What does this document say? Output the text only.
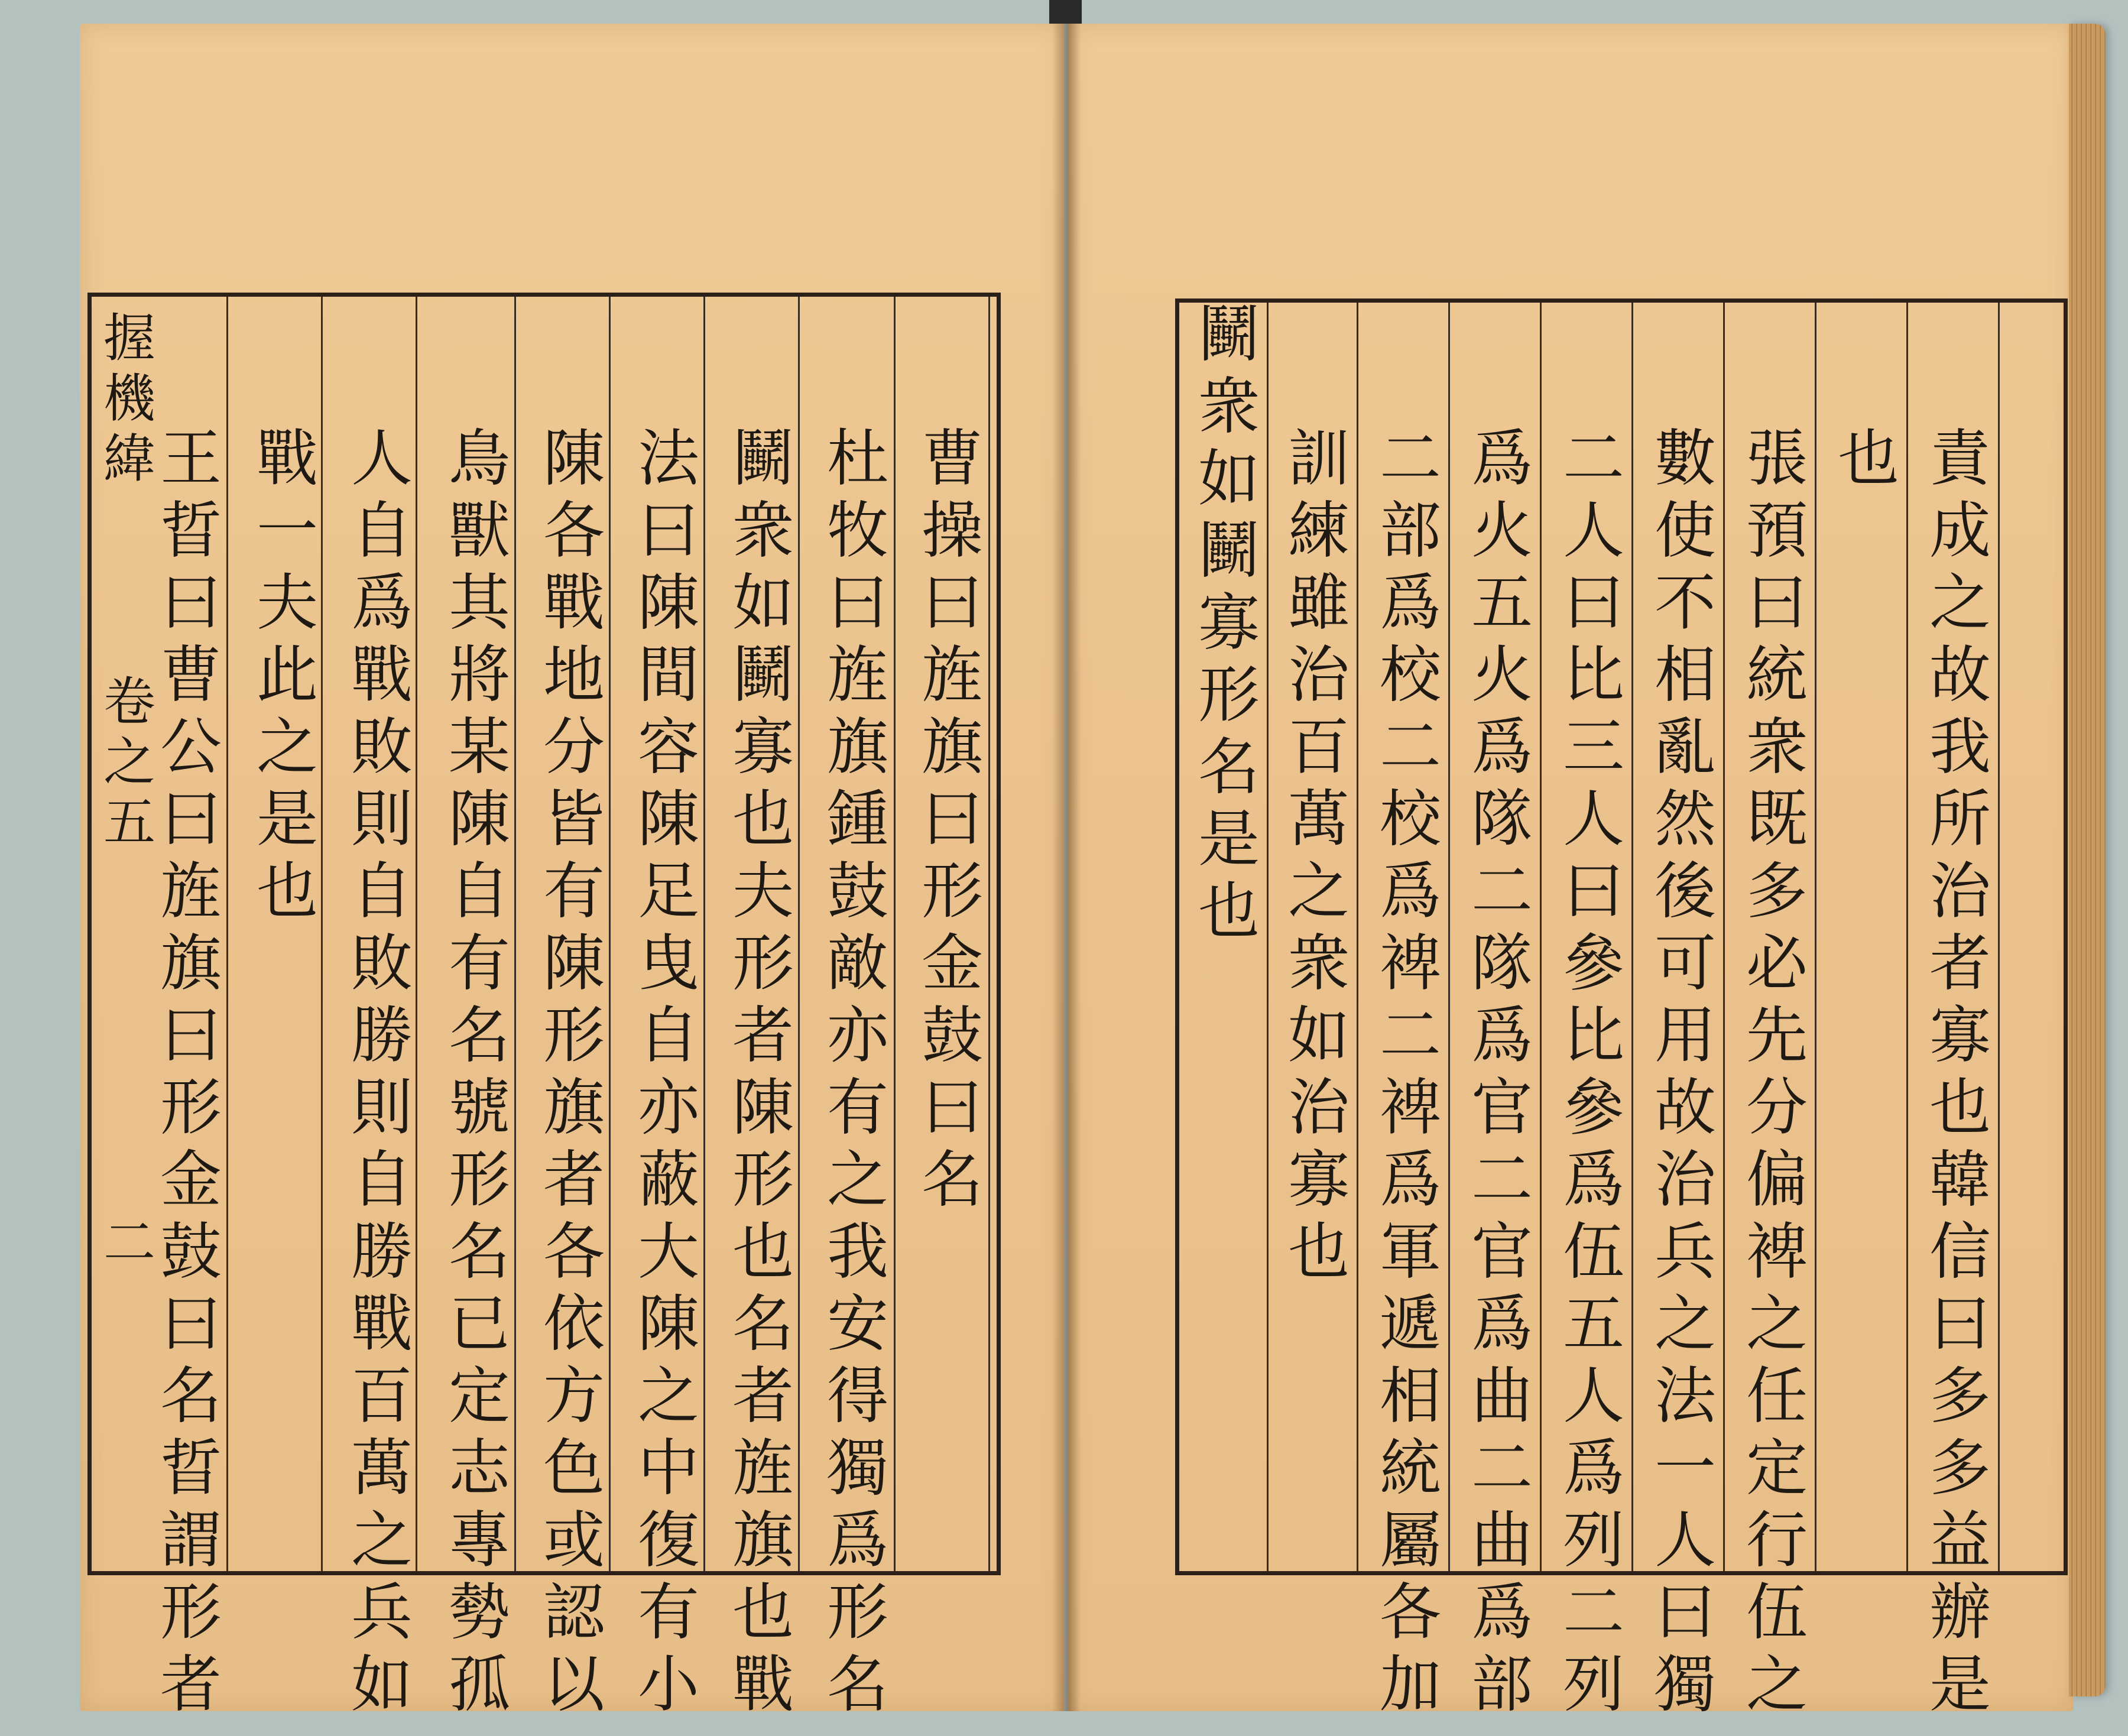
握機緯
卷之五
二
曹操曰旌旗曰形金鼓曰名
杜牧曰旌旗鍾鼓敵亦有之我安得獨爲形名
鬭衆如鬭寡也夫形者陳形也名者旌旗也戰
法曰陳間容陳足曳自亦蔽大陳之中復有小
陳各戰地分皆有陳形旗者各依方色或認以
鳥獸其將某陳自有名號形名已定志專勢孤
人自爲戰敗則自敗勝則自勝戰百萬之兵如
戰一夫此之是也
王晢曰曹公曰旌旗曰形金鼓曰名晢謂形者	責成之故我所治者寡也韓信曰多多益辦是
也
張預曰統衆既多必先分偏裨之任定行伍之
數使不相亂然後可用故治兵之法一人曰獨
二人曰比三人曰參比參爲伍五人爲列二列
爲火五火爲隊二隊爲官二官爲曲二曲爲部
二部爲校二校爲裨二裨爲軍遞相統屬各加
訓練雖治百萬之衆如治寡也
鬭衆如鬭寡形名是也
